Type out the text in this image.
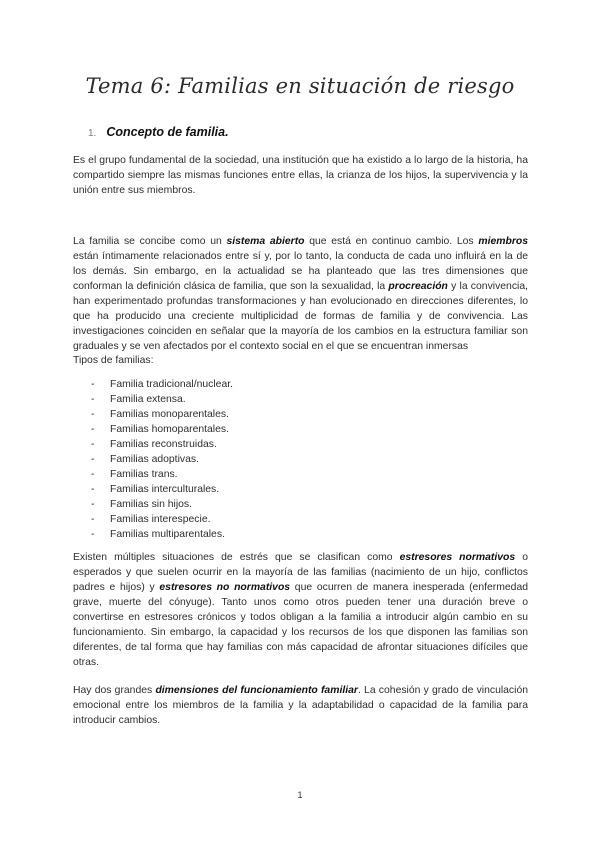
Tema 6: Familias en situación de riesgo
1. Concepto de familia.
Es el grupo fundamental de la sociedad, una institución que ha existido a lo largo de la historia, ha compartido siempre las mismas funciones entre ellas, la crianza de los hijos, la supervivencia y la unión entre sus miembros.
La familia se concibe como un sistema abierto que está en continuo cambio. Los miembros están íntimamente relacionados entre sí y, por lo tanto, la conducta de cada uno influirá en la de los demás. Sin embargo, en la actualidad se ha planteado que las tres dimensiones que conforman la definición clásica de familia, que son la sexualidad, la procreación y la convivencia, han experimentado profundas transformaciones y han evolucionado en direcciones diferentes, lo que ha producido una creciente multiplicidad de formas de familia y de convivencia. Las investigaciones coinciden en señalar que la mayoría de los cambios en la estructura familiar son graduales y se ven afectados por el contexto social en el que se encuentran inmersas
Tipos de familias:
- Familia tradicional/nuclear.
- Familia extensa.
- Familias monoparentales.
- Familias homoparentales.
- Familias reconstruidas.
- Familias adoptivas.
- Familias trans.
- Familias interculturales.
- Familias sin hijos.
- Familias interespecie.
- Familias multiparentales.
Existen múltiples situaciones de estrés que se clasifican como estresores normativos o esperados y que suelen ocurrir en la mayoría de las familias (nacimiento de un hijo, conflictos padres e hijos) y estresores no normativos que ocurren de manera inesperada (enfermedad grave, muerte del cónyuge). Tanto unos como otros pueden tener una duración breve o convertirse en estresores crónicos y todos obligan a la familia a introducir algún cambio en su funcionamiento. Sin embargo, la capacidad y los recursos de los que disponen las familias son diferentes, de tal forma que hay familias con más capacidad de afrontar situaciones difíciles que otras.
Hay dos grandes dimensiones del funcionamiento familiar. La cohesión y grado de vinculación emocional entre los miembros de la familia y la adaptabilidad o capacidad de la familia para introducir cambios.
1
